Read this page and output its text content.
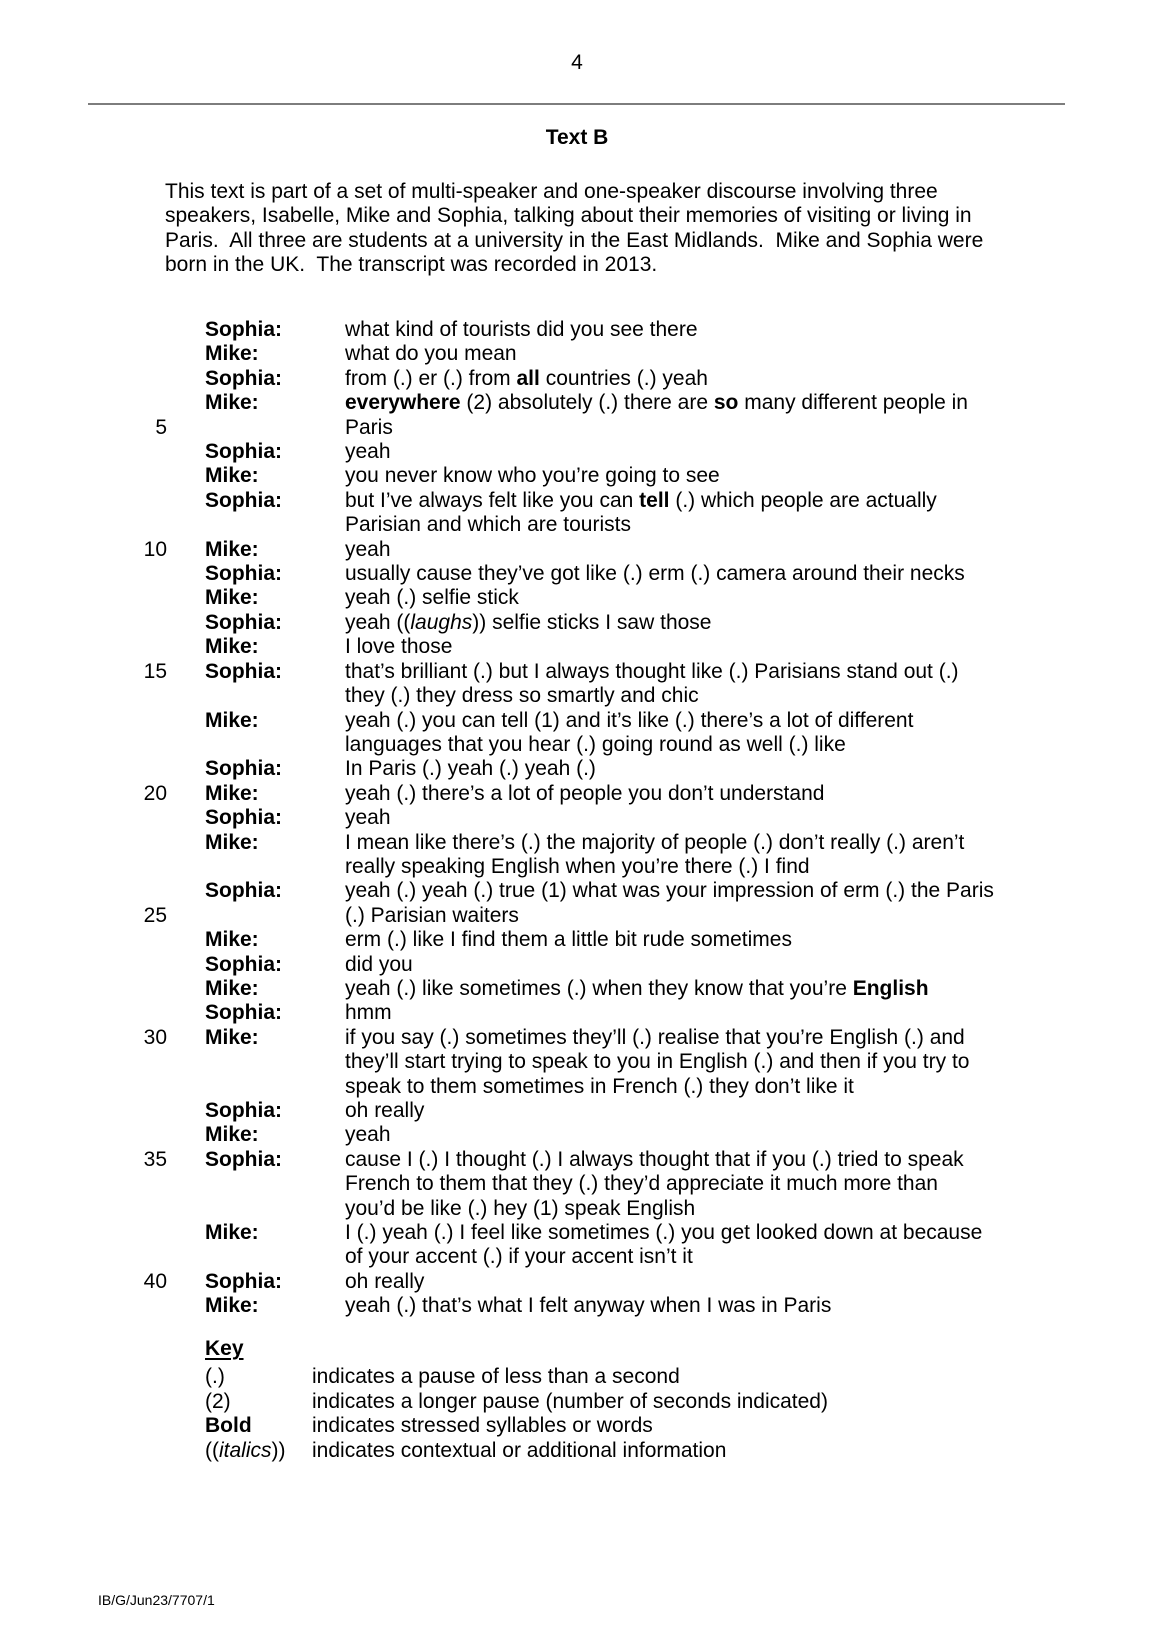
4
Text B
This text is part of a set of multi-speaker and one-speaker discourse involving three
speakers, Isabelle, Mike and Sophia, talking about their memories of visiting or living in
Paris.  All three are students at a university in the East Midlands.  Mike and Sophia were
born in the UK.  The transcript was recorded in 2013.
Sophia:	what kind of tourists did you see there
Mike:	what do you mean
Sophia:	from (.) er (.) from all countries (.) yeah
Mike:	everywhere (2) absolutely (.) there are so many different people in
5	Paris
Sophia:	yeah
Mike:	you never know who you’re going to see
Sophia:	but I’ve always felt like you can tell (.) which people are actually
Parisian and which are tourists
10	Mike:	yeah
Sophia:	usually cause they’ve got like (.) erm (.) camera around their necks
Mike:	yeah (.) selfie stick
Sophia:	yeah ((laughs)) selfie sticks I saw those
Mike:	I love those
15	Sophia:	that’s brilliant (.) but I always thought like (.) Parisians stand out (.)
they (.) they dress so smartly and chic
Mike:	yeah (.) you can tell (1) and it’s like (.) there’s a lot of different
languages that you hear (.) going round as well (.) like
Sophia:	In Paris (.) yeah (.) yeah (.)
20	Mike:	yeah (.) there’s a lot of people you don’t understand
Sophia:	yeah
Mike:	I mean like there’s (.) the majority of people (.) don’t really (.) aren’t
really speaking English when you’re there (.) I find
Sophia:	yeah (.) yeah (.) true (1) what was your impression of erm (.) the Paris
25	(.) Parisian waiters
Mike:	erm (.) like I find them a little bit rude sometimes
Sophia:	did you
Mike:	yeah (.) like sometimes (.) when they know that you’re English
Sophia:	hmm
30	Mike:	if you say (.) sometimes they’ll (.) realise that you’re English (.) and
they’ll start trying to speak to you in English (.) and then if you try to
speak to them sometimes in French (.) they don’t like it
Sophia:	oh really
Mike:	yeah
35	Sophia:	cause I (.) I thought (.) I always thought that if you (.) tried to speak
French to them that they (.) they’d appreciate it much more than
you’d be like (.) hey (1) speak English
Mike:	I (.) yeah (.) I feel like sometimes (.) you get looked down at because
of your accent (.) if your accent isn’t it
40	Sophia:	oh really
Mike:	yeah (.) that’s what I felt anyway when I was in Paris
Key
(.)	indicates a pause of less than a second
(2)	indicates a longer pause (number of seconds indicated)
Bold	indicates stressed syllables or words
((italics))	indicates contextual or additional information
IB/G/Jun23/7707/1
